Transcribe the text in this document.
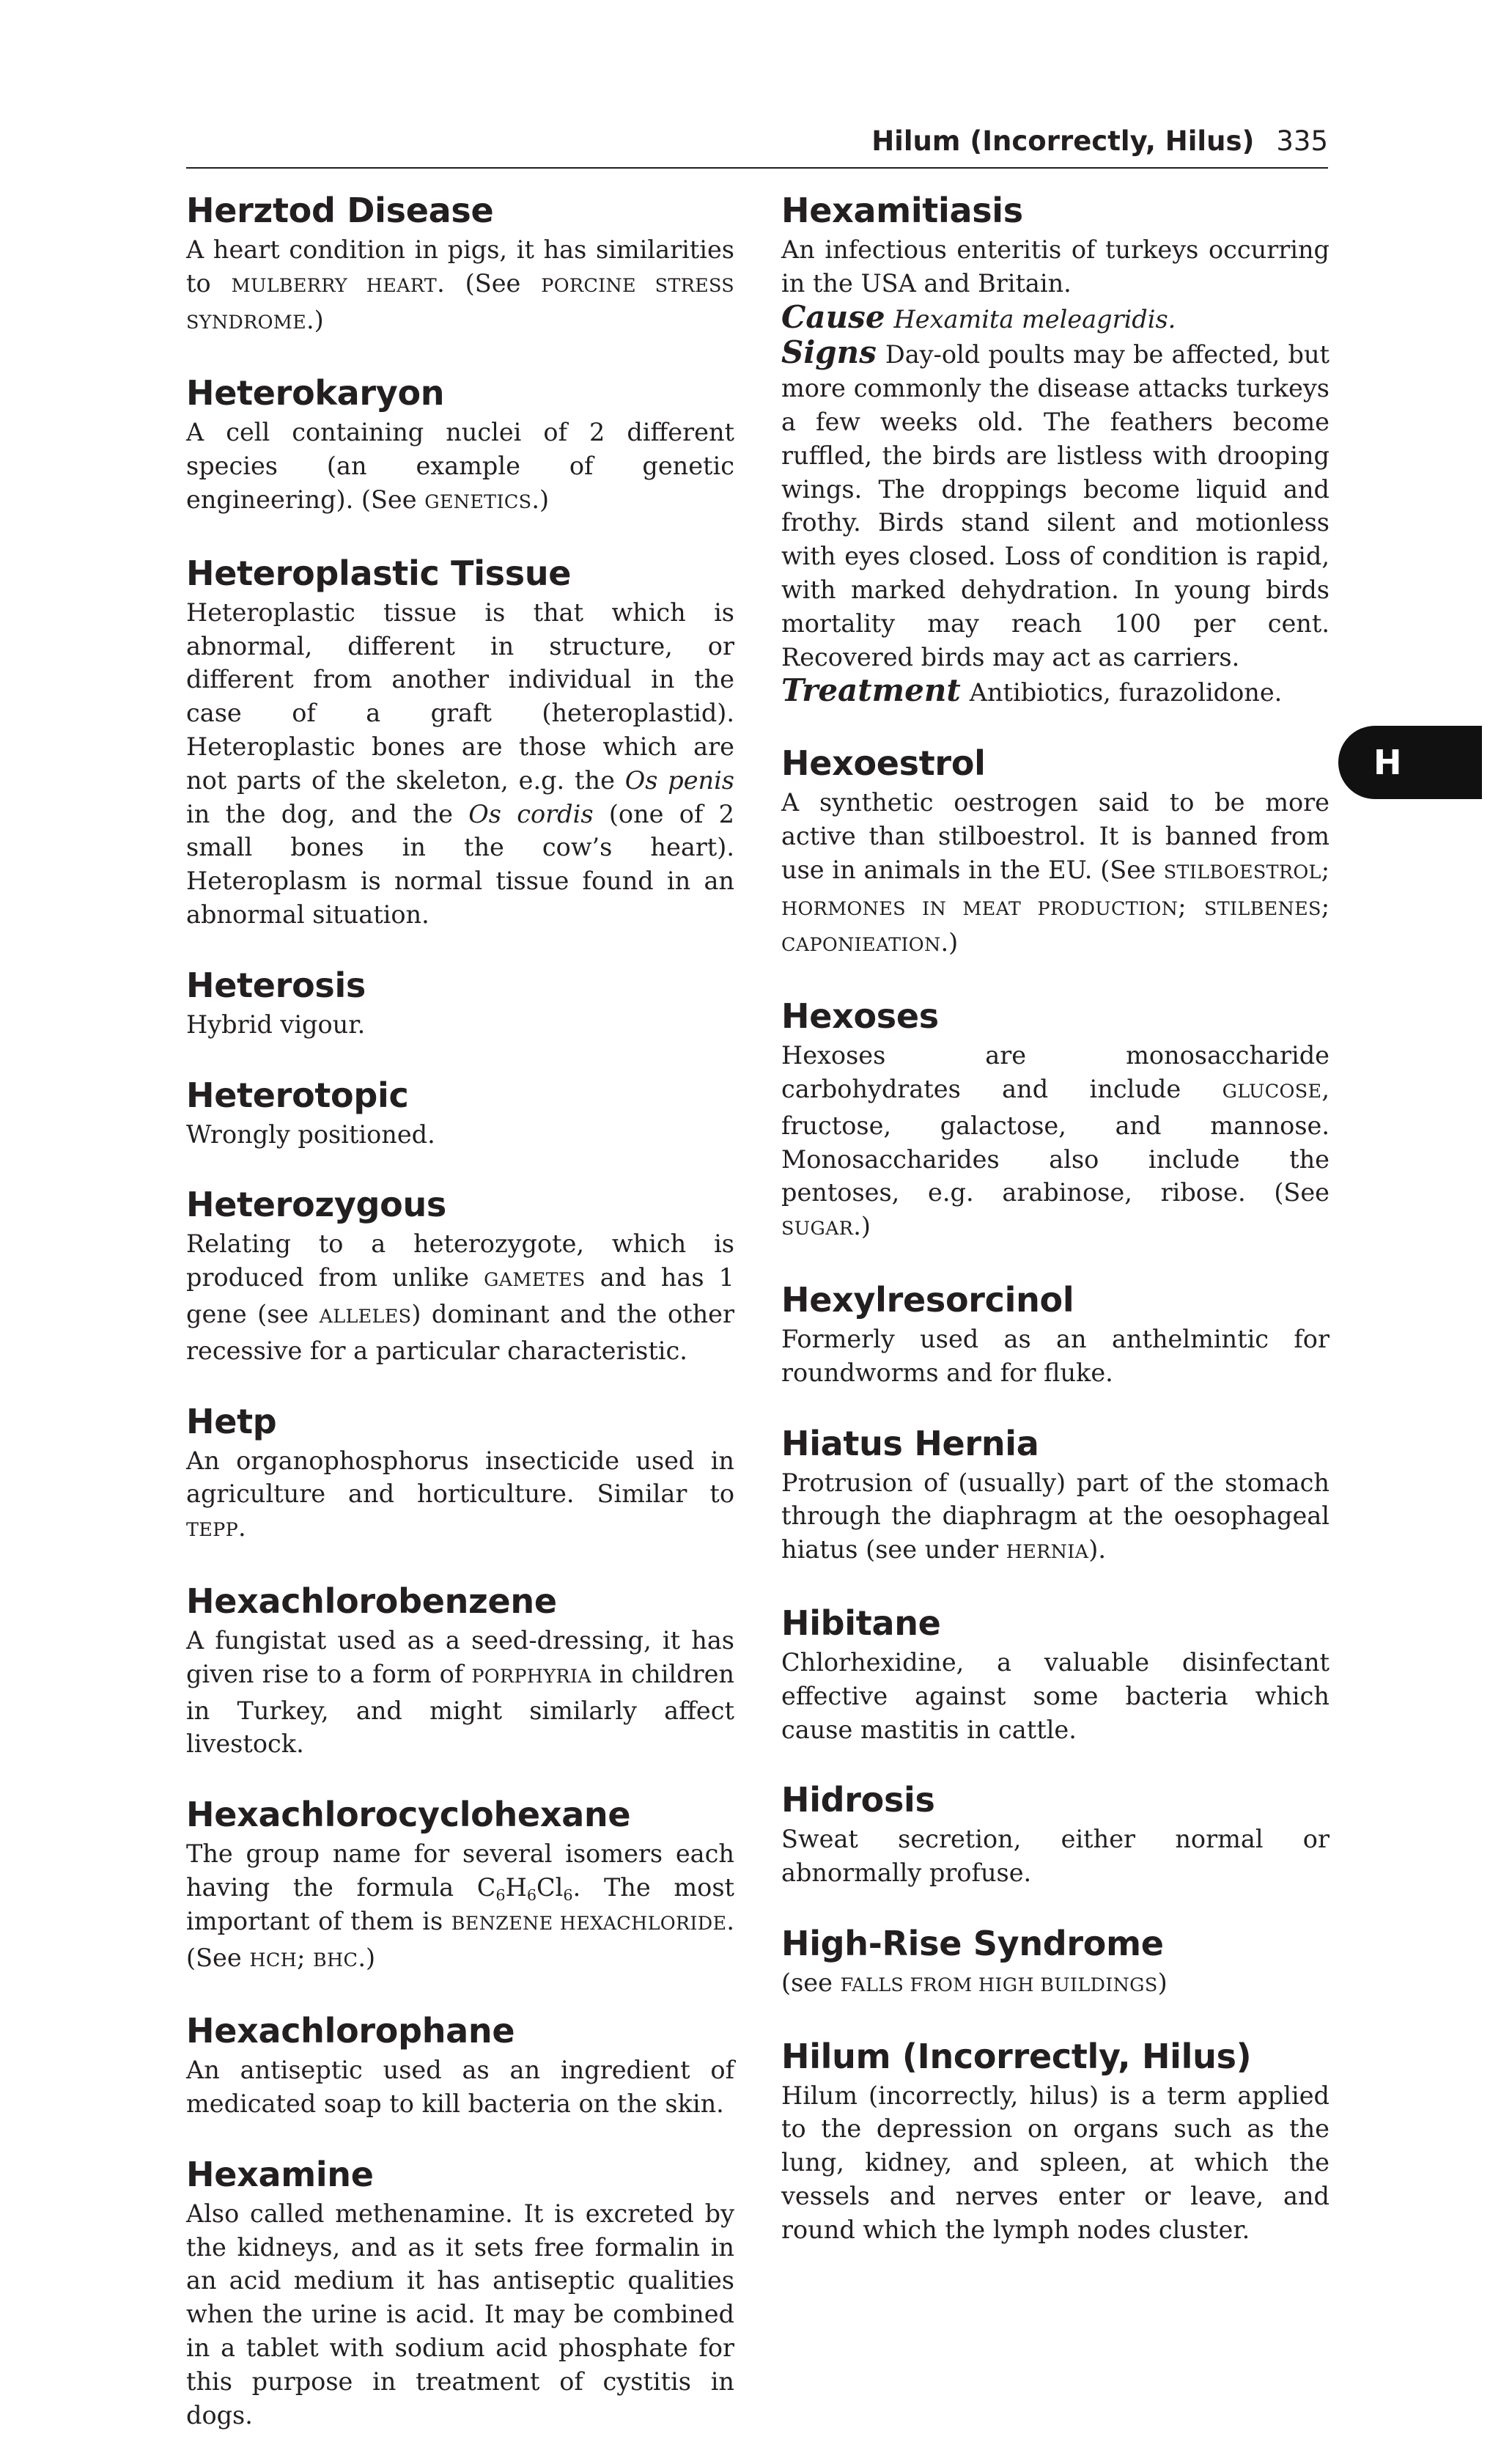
Hilum (Incorrectly, Hilus) 335
H
Herztod Disease

A heart condition in pigs, it has similarities to MULBERRY HEART. (See PORCINE STRESS SYNDROME.)

Heterokaryon

A cell containing nuclei of 2 different species (an example of genetic engineering). (See GENETICS.)

Heteroplastic Tissue

Heteroplastic tissue is that which is abnormal, different in structure, or different from another individual in the case of a graft (heteroplastid). Heteroplastic bones are those which are not parts of the skeleton, e.g. the Os penis in the dog, and the Os cordis (one of 2 small bones in the cow’s heart). Heteroplasm is normal tissue found in an abnormal situation.

Heterosis

Hybrid vigour.

Heterotopic

Wrongly positioned.

Heterozygous

Relating to a heterozygote, which is produced from unlike GAMETES and has 1 gene (see ALLELES) dominant and the other recessive for a particular characteristic.

Hetp

An organophosphorus insecticide used in agriculture and horticulture. Similar to TEPP.

Hexachlorobenzene

A fungistat used as a seed-dressing, it has given rise to a form of PORPHYRIA in children in Turkey, and might similarly affect livestock.

Hexachlorocyclohexane

The group name for several isomers each having the formula $C_6H_6Cl_6$. The most important of them is BENZENE HEXACHLORIDE. (See HCH; BHC.)

Hexachlorophane

An antiseptic used as an ingredient of medicated soap to kill bacteria on the skin.

Hexamine

Also called methenamine. It is excreted by the kidneys, and as it sets free formalin in an acid medium it has antiseptic qualities when the urine is acid. It may be combined in a tablet with sodium acid phosphate for this purpose in treatment of cystitis in dogs.

Hexamitiasis

An infectious enteritis of turkeys occurring in the USA and Britain.

Cause Hexamita meleagridis.

Signs Day-old poults may be affected, but more commonly the disease attacks turkeys a few weeks old. The feathers become ruffled, the birds are listless with drooping wings. The droppings become liquid and frothy. Birds stand silent and motionless with eyes closed. Loss of condition is rapid, with marked dehydration. In young birds mortality may reach 100 per cent. Recovered birds may act as carriers.

Treatment Antibiotics, furazolidone.

Hexoestrol

A synthetic oestrogen said to be more active than stilboestrol. It is banned from use in animals in the EU. (See STILBOESTROL; HORMONES IN MEAT PRODUCTION; STILBENES; CAPONIEATION.)

Hexoses

Hexoses are monosaccharide carbohydrates and include GLUCOSE, fructose, galactose, and mannose. Monosaccharides also include the pentoses, e.g. arabinose, ribose. (See SUGAR.)

Hexylresorcinol

Formerly used as an anthelmintic for roundworms and for fluke.

Hiatus Hernia

Protrusion of (usually) part of the stomach through the diaphragm at the oesophageal hiatus (see under HERNIA).

Hibitane

Chlorhexidine, a valuable disinfectant effective against some bacteria which cause mastitis in cattle.

Hidrosis

Sweat secretion, either normal or abnormally profuse.

High-Rise Syndrome

(see FALLS FROM HIGH BUILDINGS)

Hilum (Incorrectly, Hilus)

Hilum (incorrectly, hilus) is a term applied to the depression on organs such as the lung, kidney, and spleen, at which the vessels and nerves enter or leave, and round which the lymph nodes cluster.
